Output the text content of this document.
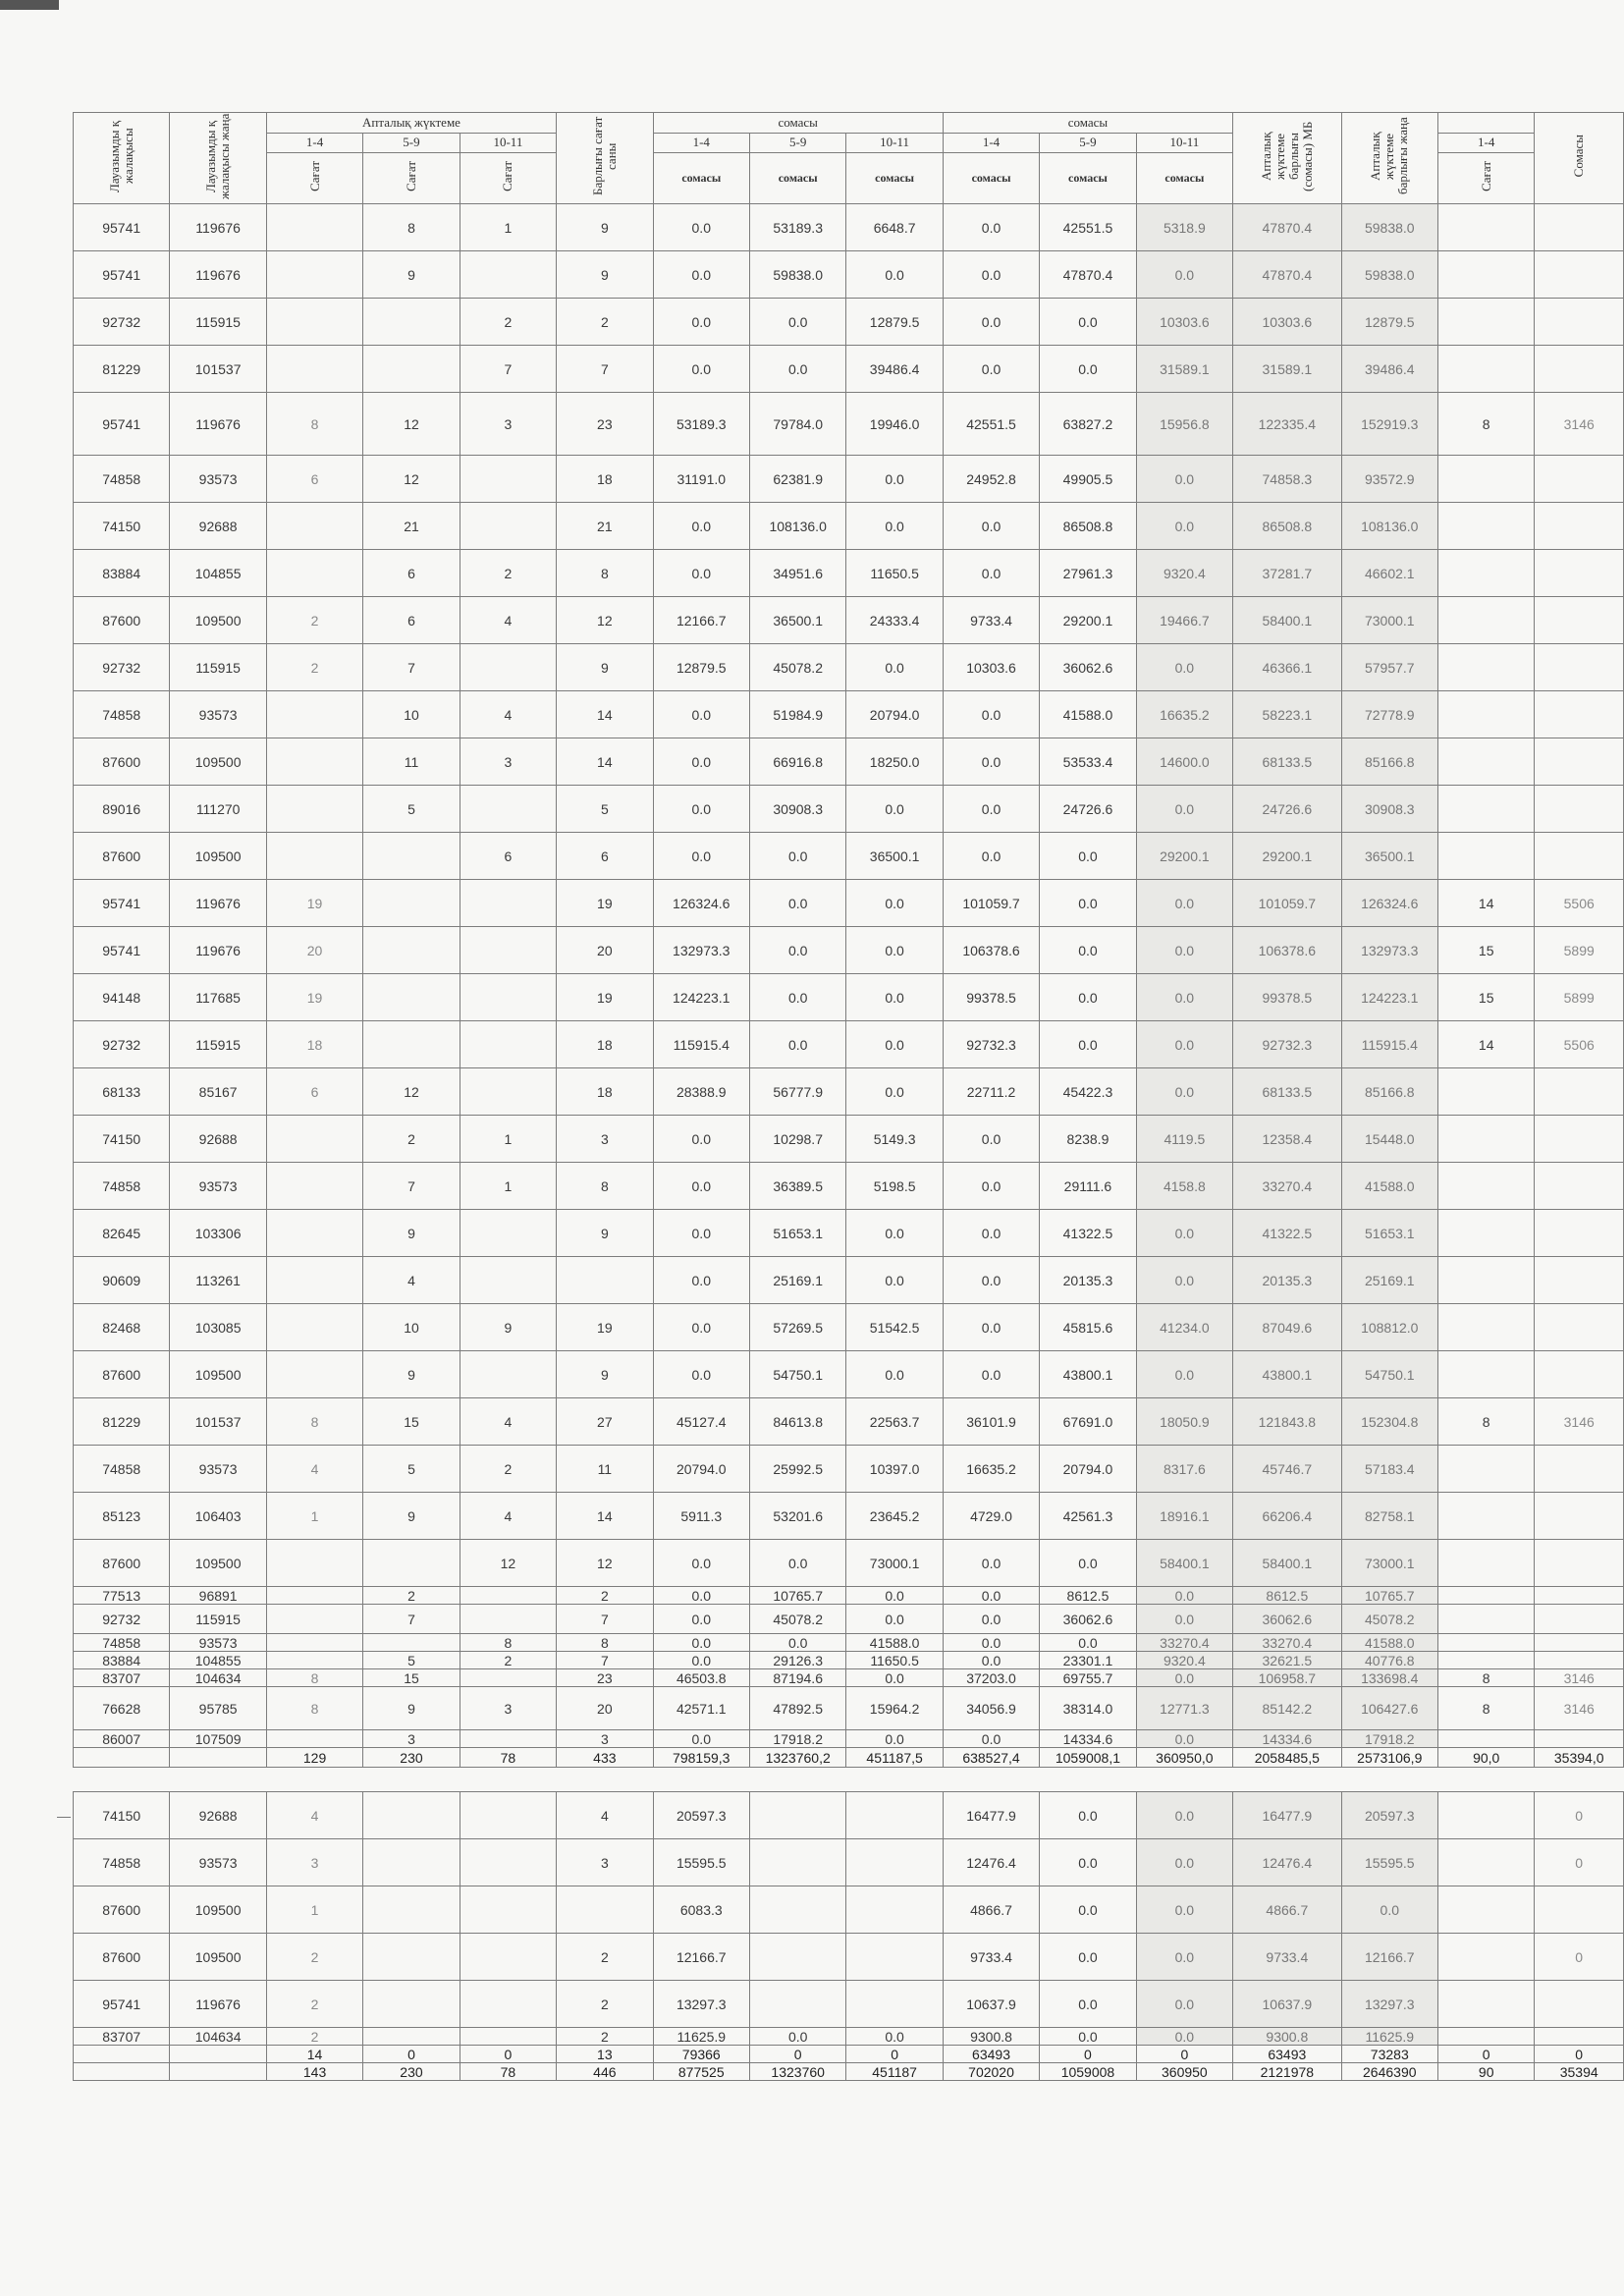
Лауазымды қ жалақысы	Лауазымды қ жалақысы жаңа	Апталық жүктеме			Барлығы сағат саны	сомасы			сомасы			Апталық жүктеме барлығы (сомасы) МБ	Апталық жүктеме барлығы жаңа		Сомасы
		1-4	5-9	10-11		1-4	5-9	10-11	1-4	5-9	10-11			1-4	
		Сағат	Сағат	Сағат		сомасы	сомасы	сомасы	сомасы	сомасы	сомасы			Сағат	
95741	119676		8	1	9	0.0	53189.3	6648.7	0.0	42551.5	5318.9	47870.4	59838.0		
95741	119676		9		9	0.0	59838.0	0.0	0.0	47870.4	0.0	47870.4	59838.0		
92732	115915			2	2	0.0	0.0	12879.5	0.0	0.0	10303.6	10303.6	12879.5		
81229	101537			7	7	0.0	0.0	39486.4	0.0	0.0	31589.1	31589.1	39486.4		
95741	119676	8	12	3	23	53189.3	79784.0	19946.0	42551.5	63827.2	15956.8	122335.4	152919.3	8	3146
74858	93573	6	12		18	31191.0	62381.9	0.0	24952.8	49905.5	0.0	74858.3	93572.9		
74150	92688		21		21	0.0	108136.0	0.0	0.0	86508.8	0.0	86508.8	108136.0		
83884	104855		6	2	8	0.0	34951.6	11650.5	0.0	27961.3	9320.4	37281.7	46602.1		
87600	109500	2	6	4	12	12166.7	36500.1	24333.4	9733.4	29200.1	19466.7	58400.1	73000.1		
92732	115915	2	7		9	12879.5	45078.2	0.0	10303.6	36062.6	0.0	46366.1	57957.7		
74858	93573		10	4	14	0.0	51984.9	20794.0	0.0	41588.0	16635.2	58223.1	72778.9		
87600	109500		11	3	14	0.0	66916.8	18250.0	0.0	53533.4	14600.0	68133.5	85166.8		
89016	111270		5		5	0.0	30908.3	0.0	0.0	24726.6	0.0	24726.6	30908.3		
87600	109500			6	6	0.0	0.0	36500.1	0.0	0.0	29200.1	29200.1	36500.1		
95741	119676	19			19	126324.6	0.0	0.0	101059.7	0.0	0.0	101059.7	126324.6	14	5506
95741	119676	20			20	132973.3	0.0	0.0	106378.6	0.0	0.0	106378.6	132973.3	15	5899
94148	117685	19			19	124223.1	0.0	0.0	99378.5	0.0	0.0	99378.5	124223.1	15	5899
92732	115915	18			18	115915.4	0.0	0.0	92732.3	0.0	0.0	92732.3	115915.4	14	5506
68133	85167	6	12		18	28388.9	56777.9	0.0	22711.2	45422.3	0.0	68133.5	85166.8		
74150	92688		2	1	3	0.0	10298.7	5149.3	0.0	8238.9	4119.5	12358.4	15448.0		
74858	93573		7	1	8	0.0	36389.5	5198.5	0.0	29111.6	4158.8	33270.4	41588.0		
82645	103306		9		9	0.0	51653.1	0.0	0.0	41322.5	0.0	41322.5	51653.1		
90609	113261		4			0.0	25169.1	0.0	0.0	20135.3	0.0	20135.3	25169.1		
82468	103085		10	9	19	0.0	57269.5	51542.5	0.0	45815.6	41234.0	87049.6	108812.0		
87600	109500		9		9	0.0	54750.1	0.0	0.0	43800.1	0.0	43800.1	54750.1		
81229	101537	8	15	4	27	45127.4	84613.8	22563.7	36101.9	67691.0	18050.9	121843.8	152304.8	8	3146
74858	93573	4	5	2	11	20794.0	25992.5	10397.0	16635.2	20794.0	8317.6	45746.7	57183.4		
85123	106403	1	9	4	14	5911.3	53201.6	23645.2	4729.0	42561.3	18916.1	66206.4	82758.1		
87600	109500			12	12	0.0	0.0	73000.1	0.0	0.0	58400.1	58400.1	73000.1		
77513	96891		2		2	0.0	10765.7	0.0	0.0	8612.5	0.0	8612.5	10765.7		
92732	115915		7		7	0.0	45078.2	0.0	0.0	36062.6	0.0	36062.6	45078.2		
74858	93573			8	8	0.0	0.0	41588.0	0.0	0.0	33270.4	33270.4	41588.0		
83884	104855		5	2	7	0.0	29126.3	11650.5	0.0	23301.1	9320.4	32621.5	40776.8		
83707	104634	8	15		23	46503.8	87194.6	0.0	37203.0	69755.7	0.0	106958.7	133698.4	8	3146
76628	95785	8	9	3	20	42571.1	47892.5	15964.2	34056.9	38314.0	12771.3	85142.2	106427.6	8	3146
86007	107509		3		3	0.0	17918.2	0.0	0.0	14334.6	0.0	14334.6	17918.2		
		129	230	78	433	798159,3	1323760,2	451187,5	638527,4	1059008,1	360950,0	2058485,5	2573106,9	90,0	35394,0

74150	92688	4			4	20597.3			16477.9	0.0	0.0	16477.9	20597.3		0
74858	93573	3			3	15595.5			12476.4	0.0	0.0	12476.4	15595.5		0
87600	109500	1				6083.3			4866.7	0.0	0.0	4866.7	0.0		
87600	109500	2			2	12166.7			9733.4	0.0	0.0	9733.4	12166.7		0
95741	119676	2			2	13297.3			10637.9	0.0	0.0	10637.9	13297.3		
83707	104634	2			2	11625.9	0.0	0.0	9300.8	0.0	0.0	9300.8	11625.9		
		14	0	0	13	79366	0	0	63493	0	0	63493	73283	0	0
		143	230	78	446	877525	1323760	451187	702020	1059008	360950	2121978	2646390	90	35394
